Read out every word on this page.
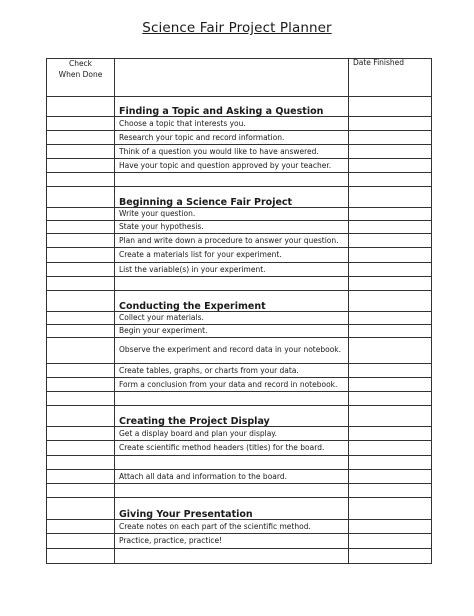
Science Fair Project Planner
Check
When Done		Date Finished
	Finding a Topic and Asking a Question	
	Choose a topic that interests you.	
	Research your topic and record information.	
	Think of a question you would like to have answered.	
	Have your topic and question approved by your teacher.	

	Beginning a Science Fair Project	
	Write your question.	
	State your hypothesis.	
	Plan and write down a procedure to answer your question.	
	Create a materials list for your experiment.	
	List the variable(s) in your experiment.	

	Conducting the Experiment	
	Collect your materials.	
	Begin your experiment.	
	Observe the experiment and record data in your notebook.	
	Create tables, graphs, or charts from your data.	
	Form a conclusion from your data and record in notebook.	

	Creating the Project Display	
	Get a display board and plan your display.	
	Create scientific method headers (titles) for the board.	

	Attach all data and information to the board.	

	Giving Your Presentation	
	Create notes on each part of the scientific method.	
	Practice, practice, practice!	
